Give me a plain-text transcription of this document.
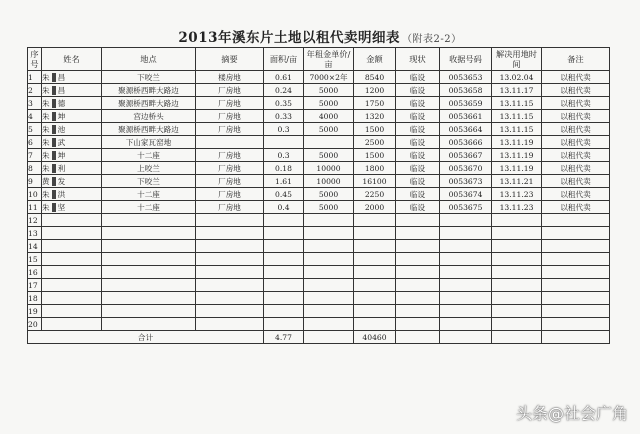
2013年溪东片土地以租代卖明细表 （附表2-2）
序号	姓名	地点	摘要	面积/亩	年租金单价/亩	金额	现状	收据号码	解决用地时间	备注
1	朱 昌	下咬兰	楼房地	0.61	7000×2年	8540	临设	0053653	13.02.04	以租代卖
2	朱 昌	聚源桥西畔大路边	厂房地	0.24	5000	1200	临设	0053658	13.11.17	以租代卖
3	朱 德	聚源桥西畔大路边	厂房地	0.35	5000	1750	临设	0053659	13.11.15	以租代卖
4	朱 坤	宫边桥头	厂房地	0.33	4000	1320	临设	0053661	13.11.15	以租代卖
5	朱 池	聚源桥西畔大路边	厂房地	0.3	5000	1500	临设	0053664	13.11.15	以租代卖
6	朱 武	下山家瓦窑地				2500	临设	0053666	13.11.19	以租代卖
7	朱 坤	十二座	厂房地	0.3	5000	1500	临设	0053667	13.11.19	以租代卖
8	朱 利	上咬兰	厂房地	0.18	10000	1800	临设	0053670	13.11.19	以租代卖
9	黄 发	下咬兰	厂房地	1.61	10000	16100	临设	0053673	13.11.21	以租代卖
10	朱 洪	十二座	厂房地	0.45	5000	2250	临设	0053674	13.11.23	以租代卖
11	朱 坚	十二座	厂房地	0.4	5000	2000	临设	0053675	13.11.23	以租代卖
12										
13										
14										
15										
16										
17										
18										
19										
20										
合计				4.77		40460				
头条@社会广角
